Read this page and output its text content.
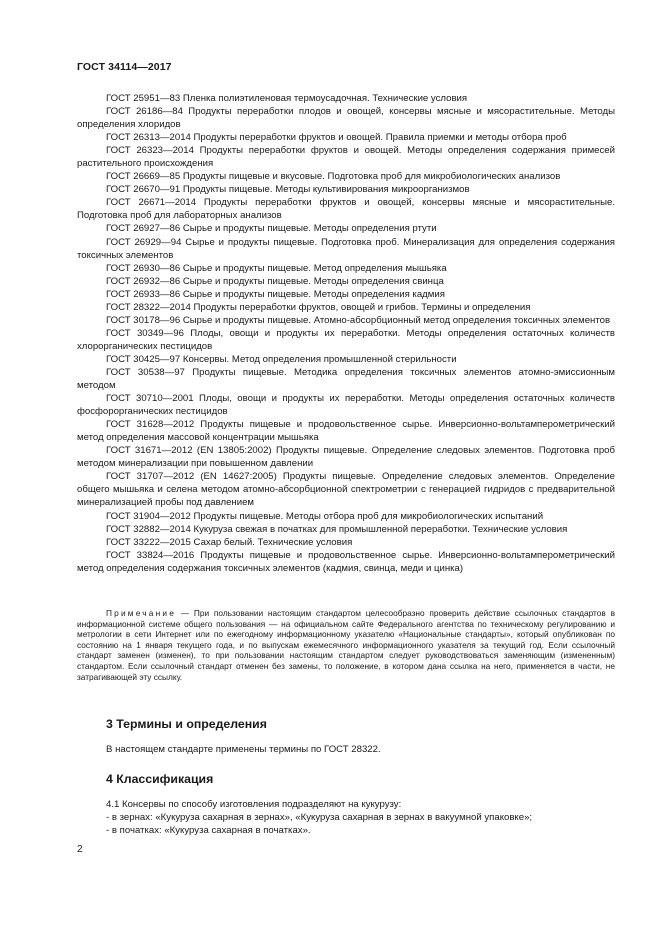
ГОСТ 34114—2017

ГОСТ 25951—83 Пленка полиэтиленовая термоусадочная. Технические условия

ГОСТ 26186—84 Продукты переработки плодов и овощей, консервы мясные и мясорастительные. Методы определения хлоридов

ГОСТ 26313—2014 Продукты переработки фруктов и овощей. Правила приемки и методы отбора проб

ГОСТ 26323—2014 Продукты переработки фруктов и овощей. Методы определения содержания примесей растительного происхождения

ГОСТ 26669—85 Продукты пищевые и вкусовые. Подготовка проб для микробиологических анализов

ГОСТ 26670—91 Продукты пищевые. Методы культивирования микроорганизмов

ГОСТ 26671—2014 Продукты переработки фруктов и овощей, консервы мясные и мясорастительные. Подготовка проб для лабораторных анализов

ГОСТ 26927—86 Сырье и продукты пищевые. Методы определения ртути

ГОСТ 26929—94 Сырье и продукты пищевые. Подготовка проб. Минерализация для определения содержания токсичных элементов

ГОСТ 26930—86 Сырье и продукты пищевые. Метод определения мышьяка

ГОСТ 26932—86 Сырье и продукты пищевые. Методы определения свинца

ГОСТ 26933—86 Сырье и продукты пищевые. Методы определения кадмия

ГОСТ 28322—2014 Продукты переработки фруктов, овощей и грибов. Термины и определения

ГОСТ 30178—96 Сырье и продукты пищевые. Атомно-абсорбционный метод определения токсичных элементов

ГОСТ 30349—96 Плоды, овощи и продукты их переработки. Методы определения остаточных количеств хлорорганических пестицидов

ГОСТ 30425—97 Консервы. Метод определения промышленной стерильности

ГОСТ 30538—97 Продукты пищевые. Методика определения токсичных элементов атомно-эмиссионным методом

ГОСТ 30710—2001 Плоды, овощи и продукты их переработки. Методы определения остаточных количеств фосфорорганических пестицидов

ГОСТ 31628—2012 Продукты пищевые и продовольственное сырье. Инверсионно-вольтамперометрический метод определения массовой концентрации мышьяка

ГОСТ 31671—2012 (EN 13805:2002) Продукты пищевые. Определение следовых элементов. Подготовка проб методом минерализации при повышенном давлении

ГОСТ 31707—2012 (EN 14627:2005) Продукты пищевые. Определение следовых элементов. Определение общего мышьяка и селена методом атомно-абсорбционной спектрометрии с генерацией гидридов с предварительной минерализацией пробы под давлением

ГОСТ 31904—2012 Продукты пищевые. Методы отбора проб для микробиологических испытаний

ГОСТ 32882—2014 Кукуруза свежая в початках для промышленной переработки. Технические условия

ГОСТ 33222—2015 Сахар белый. Технические условия

ГОСТ 33824—2016 Продукты пищевые и продовольственное сырье. Инверсионно-вольтамперометрический метод определения содержания токсичных элементов (кадмия, свинца, меди и цинка)

Примечание — При пользовании настоящим стандартом целесообразно проверить действие ссылочных стандартов в информационной системе общего пользования — на официальном сайте Федерального агентства по техническому регулированию и метрологии в сети Интернет или по ежегодному информационному указателю «Национальные стандарты», который опубликован по состоянию на 1 января текущего года, и по выпускам ежемесячного информационного указателя за текущий год. Если ссылочный стандарт заменен (изменен), то при пользовании настоящим стандартом следует руководствоваться заменяющим (измененным) стандартом. Если ссылочный стандарт отменен без замены, то положение, в котором дана ссылка на него, применяется в части, не затрагивающей эту ссылку.

3 Термины и определения

В настоящем стандарте применены термины по ГОСТ 28322.

4 Классификация

4.1 Консервы по способу изготовления подразделяют на кукурузу:

- в зернах: «Кукуруза сахарная в зернах», «Кукуруза сахарная в зернах в вакуумной упаковке»;

- в початках: «Кукуруза сахарная в початках».

2
